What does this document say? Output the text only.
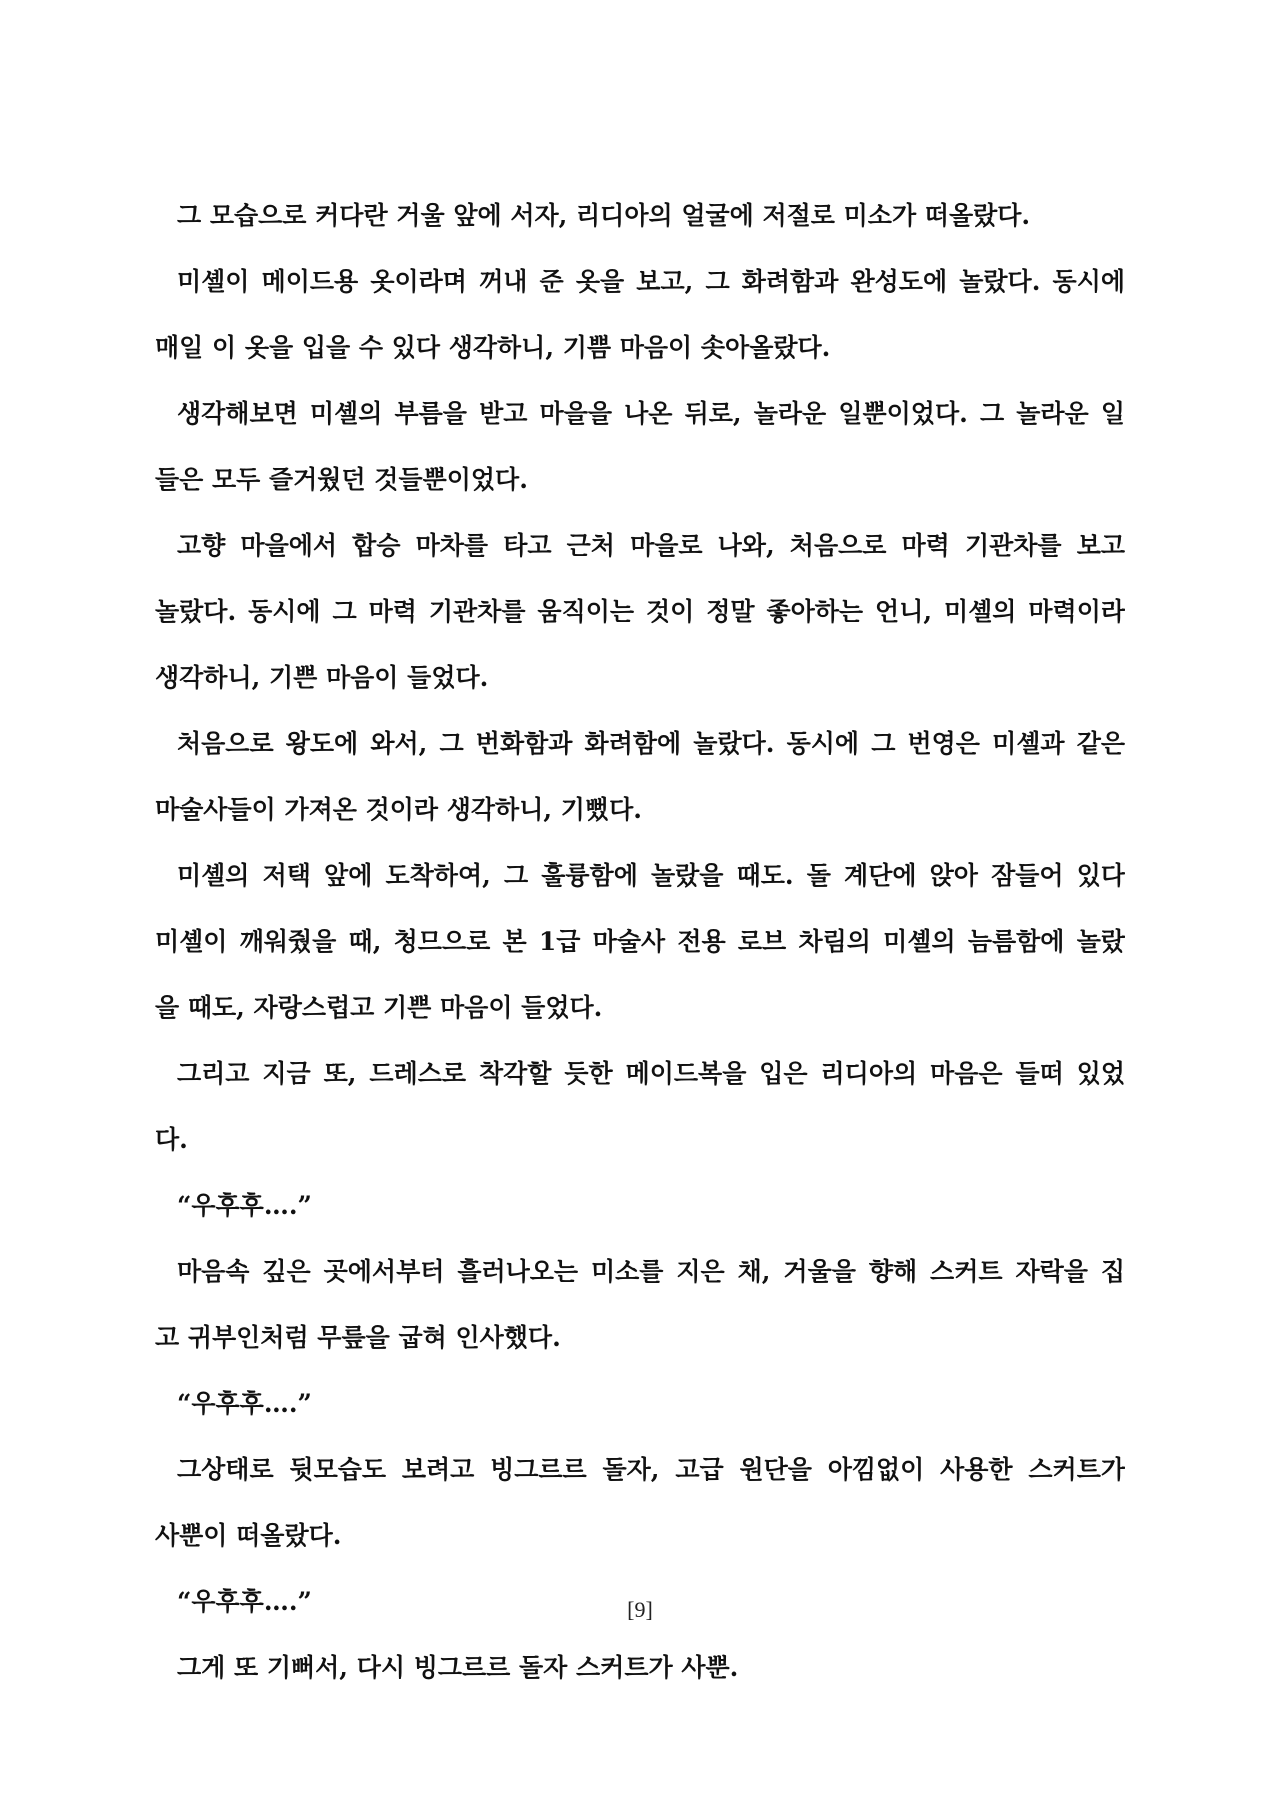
그 모습으로 커다란 거울 앞에 서자, 리디아의 얼굴에 저절로 미소가 떠올랐다.
미셸이 메이드용 옷이라며 꺼내 준 옷을 보고, 그 화려함과 완성도에 놀랐다. 동시에
매일 이 옷을 입을 수 있다 생각하니, 기쁨 마음이 솟아올랐다.
생각해보면 미셸의 부름을 받고 마을을 나온 뒤로, 놀라운 일뿐이었다. 그 놀라운 일
들은 모두 즐거웠던 것들뿐이었다.
고향 마을에서 합승 마차를 타고 근처 마을로 나와, 처음으로 마력 기관차를 보고
놀랐다. 동시에 그 마력 기관차를 움직이는 것이 정말 좋아하는 언니, 미셸의 마력이라
생각하니, 기쁜 마음이 들었다.
처음으로 왕도에 와서, 그 번화함과 화려함에 놀랐다. 동시에 그 번영은 미셸과 같은
마술사들이 가져온 것이라 생각하니, 기뻤다.
미셸의 저택 앞에 도착하여, 그 훌륭함에 놀랐을 때도. 돌 계단에 앉아 잠들어 있다
미셸이 깨워줬을 때, 청므으로 본 1급 마술사 전용 로브 차림의 미셸의 늠름함에 놀랐
을 때도, 자랑스럽고 기쁜 마음이 들었다.
그리고 지금 또, 드레스로 착각할 듯한 메이드복을 입은 리디아의 마음은 들떠 있었
다.
“우후후….”
마음속 깊은 곳에서부터 흘러나오는 미소를 지은 채, 거울을 향해 스커트 자락을 집
고 귀부인처럼 무릎을 굽혀 인사했다.
“우후후….”
그상태로 뒷모습도 보려고 빙그르르 돌자, 고급 원단을 아낌없이 사용한 스커트가
사뿐이 떠올랐다.
“우후후….”
그게 또 기뻐서, 다시 빙그르르 돌자 스커트가 사뿐.
[9]
